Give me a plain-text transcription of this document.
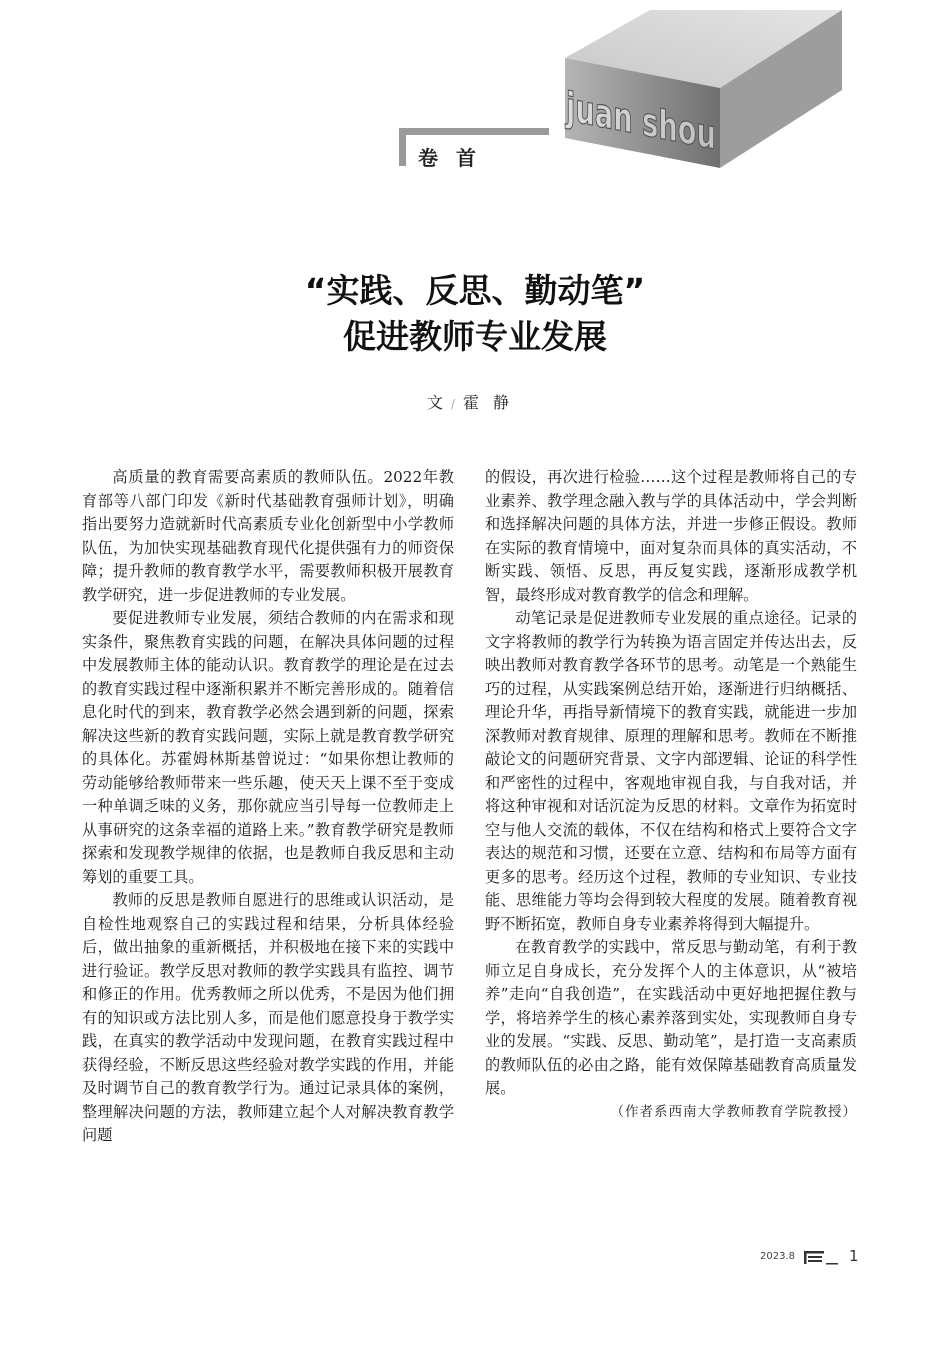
juan shou
卷首
“实践、反思、勤动笔”
促进教师专业发展
文 / 霍静

高质量的教育需要高素质的教师队伍。2022年教育部等八部门印发《新时代基础教育强师计划》，明确指出要努力造就新时代高素质专业化创新型中小学教师队伍，为加快实现基础教育现代化提供强有力的师资保障；提升教师的教育教学水平，需要教师积极开展教育教学研究，进一步促进教师的专业发展。

要促进教师专业发展，须结合教师的内在需求和现实条件，聚焦教育实践的问题，在解决具体问题的过程中发展教师主体的能动认识。教育教学的理论是在过去的教育实践过程中逐渐积累并不断完善形成的。随着信息化时代的到来，教育教学必然会遇到新的问题，探索解决这些新的教育实践问题，实际上就是教育教学研究的具体化。苏霍姆林斯基曾说过：“如果你想让教师的劳动能够给教师带来一些乐趣，使天天上课不至于变成一种单调乏味的义务，那你就应当引导每一位教师走上从事研究的这条幸福的道路上来。”教育教学研究是教师探索和发现教学规律的依据，也是教师自我反思和主动筹划的重要工具。

教师的反思是教师自愿进行的思维或认识活动，是自检性地观察自己的实践过程和结果，分析具体经验后，做出抽象的重新概括，并积极地在接下来的实践中进行验证。教学反思对教师的教学实践具有监控、调节和修正的作用。优秀教师之所以优秀，不是因为他们拥有的知识或方法比别人多，而是他们愿意投身于教学实践，在真实的教学活动中发现问题，在教育实践过程中获得经验，不断反思这些经验对教学实践的作用，并能及时调节自己的教育教学行为。通过记录具体的案例，整理解决问题的方法，教师建立起个人对解决教育教学问题

的假设，再次进行检验……这个过程是教师将自己的专业素养、教学理念融入教与学的具体活动中，学会判断和选择解决问题的具体方法，并进一步修正假设。教师在实际的教育情境中，面对复杂而具体的真实活动，不断实践、领悟、反思，再反复实践，逐渐形成教学机智，最终形成对教育教学的信念和理解。

动笔记录是促进教师专业发展的重点途径。记录的文字将教师的教学行为转换为语言固定并传达出去，反映出教师对教育教学各环节的思考。动笔是一个熟能生巧的过程，从实践案例总结开始，逐渐进行归纳概括、理论升华，再指导新情境下的教育实践，就能进一步加深教师对教育规律、原理的理解和思考。教师在不断推敲论文的问题研究背景、文字内部逻辑、论证的科学性和严密性的过程中，客观地审视自我，与自我对话，并将这种审视和对话沉淀为反思的材料。文章作为拓宽时空与他人交流的载体，不仅在结构和格式上要符合文字表达的规范和习惯，还要在立意、结构和布局等方面有更多的思考。经历这个过程，教师的专业知识、专业技能、思维能力等均会得到较大程度的发展。随着教育视野不断拓宽，教师自身专业素养将得到大幅提升。

在教育教学的实践中，常反思与勤动笔，有利于教师立足自身成长，充分发挥个人的主体意识，从“被培养”走向“自我创造”，在实践活动中更好地把握住教与学，将培养学生的核心素养落到实处，实现教师自身专业的发展。“实践、反思、勤动笔”，是打造一支高素质的教师队伍的必由之路，能有效保障基础教育高质量发展。

（作者系西南大学教师教育学院教授）
2023.8	1
